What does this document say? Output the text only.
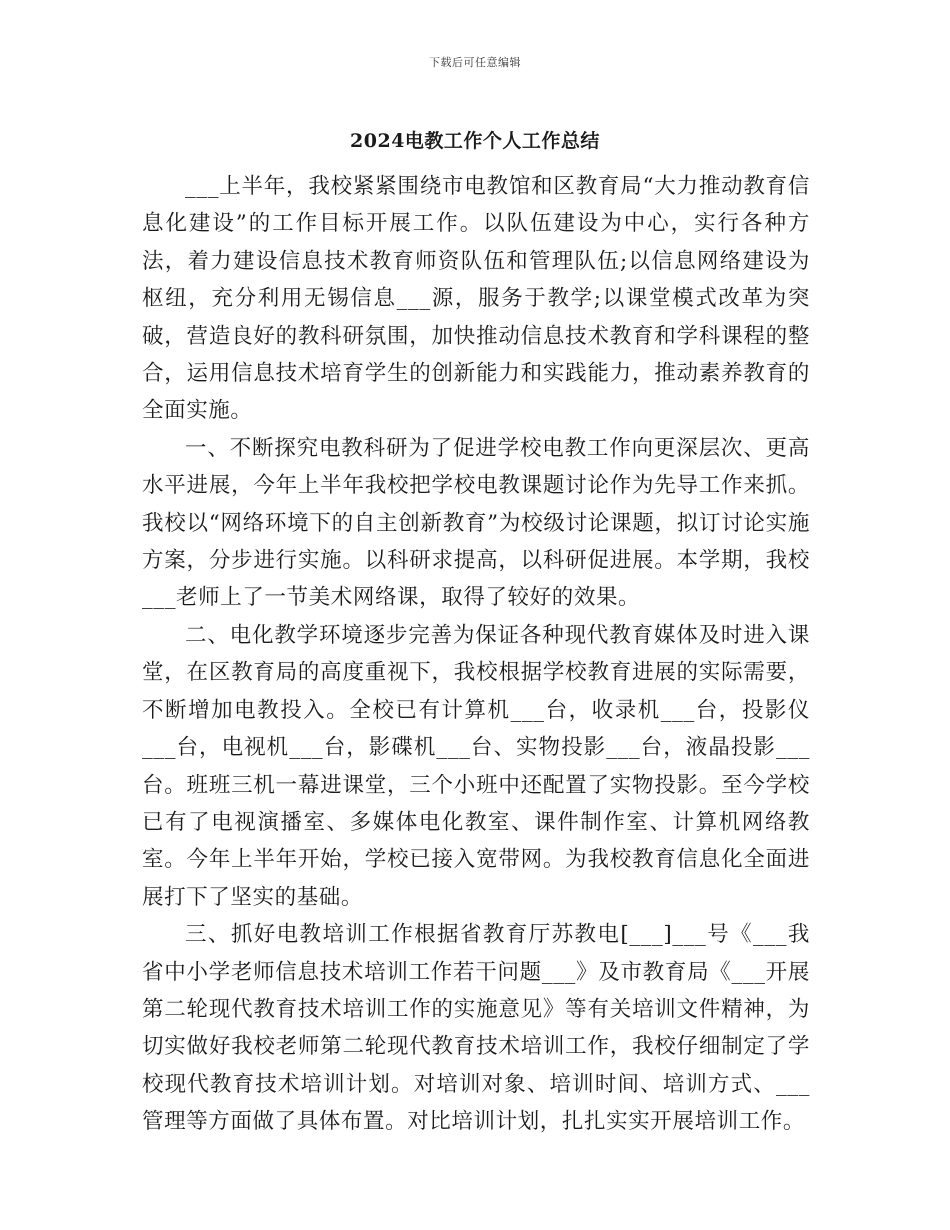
下载后可任意编辑
2024电教工作个人工作总结

___上半年，我校紧紧围绕市电教馆和区教育局“大力推动教育信息化建设”的工作目标开展工作。以队伍建设为中心，实行各种方法，着力建设信息技术教育师资队伍和管理队伍;以信息网络建设为枢纽，充分利用无锡信息___源，服务于教学;以课堂模式改革为突破，营造良好的教科研氛围，加快推动信息技术教育和学科课程的整合，运用信息技术培育学生的创新能力和实践能力，推动素养教育的全面实施。

一、不断探究电教科研为了促进学校电教工作向更深层次、更高水平进展，今年上半年我校把学校电教课题讨论作为先导工作来抓。我校以“网络环境下的自主创新教育”为校级讨论课题，拟订讨论实施方案，分步进行实施。以科研求提高，以科研促进展。本学期，我校___老师上了一节美术网络课，取得了较好的效果。

二、电化教学环境逐步完善为保证各种现代教育媒体及时进入课堂，在区教育局的高度重视下，我校根据学校教育进展的实际需要，不断增加电教投入。全校已有计算机___台，收录机___台，投影仪___台，电视机___台，影碟机___台、实物投影___台，液晶投影___台。班班三机一幕进课堂，三个小班中还配置了实物投影。至今学校已有了电视演播室、多媒体电化教室、课件制作室、计算机网络教室。今年上半年开始，学校已接入宽带网。为我校教育信息化全面进展打下了坚实的基础。

三、抓好电教培训工作根据省教育厅苏教电[___]___号《___我省中小学老师信息技术培训工作若干问题___》及市教育局《___开展第二轮现代教育技术培训工作的实施意见》等有关培训文件精神，为切实做好我校老师第二轮现代教育技术培训工作，我校仔细制定了学校现代教育技术培训计划。对培训对象、培训时间、培训方式、___管理等方面做了具体布置。对比培训计划，扎扎实实开展培训工作。
